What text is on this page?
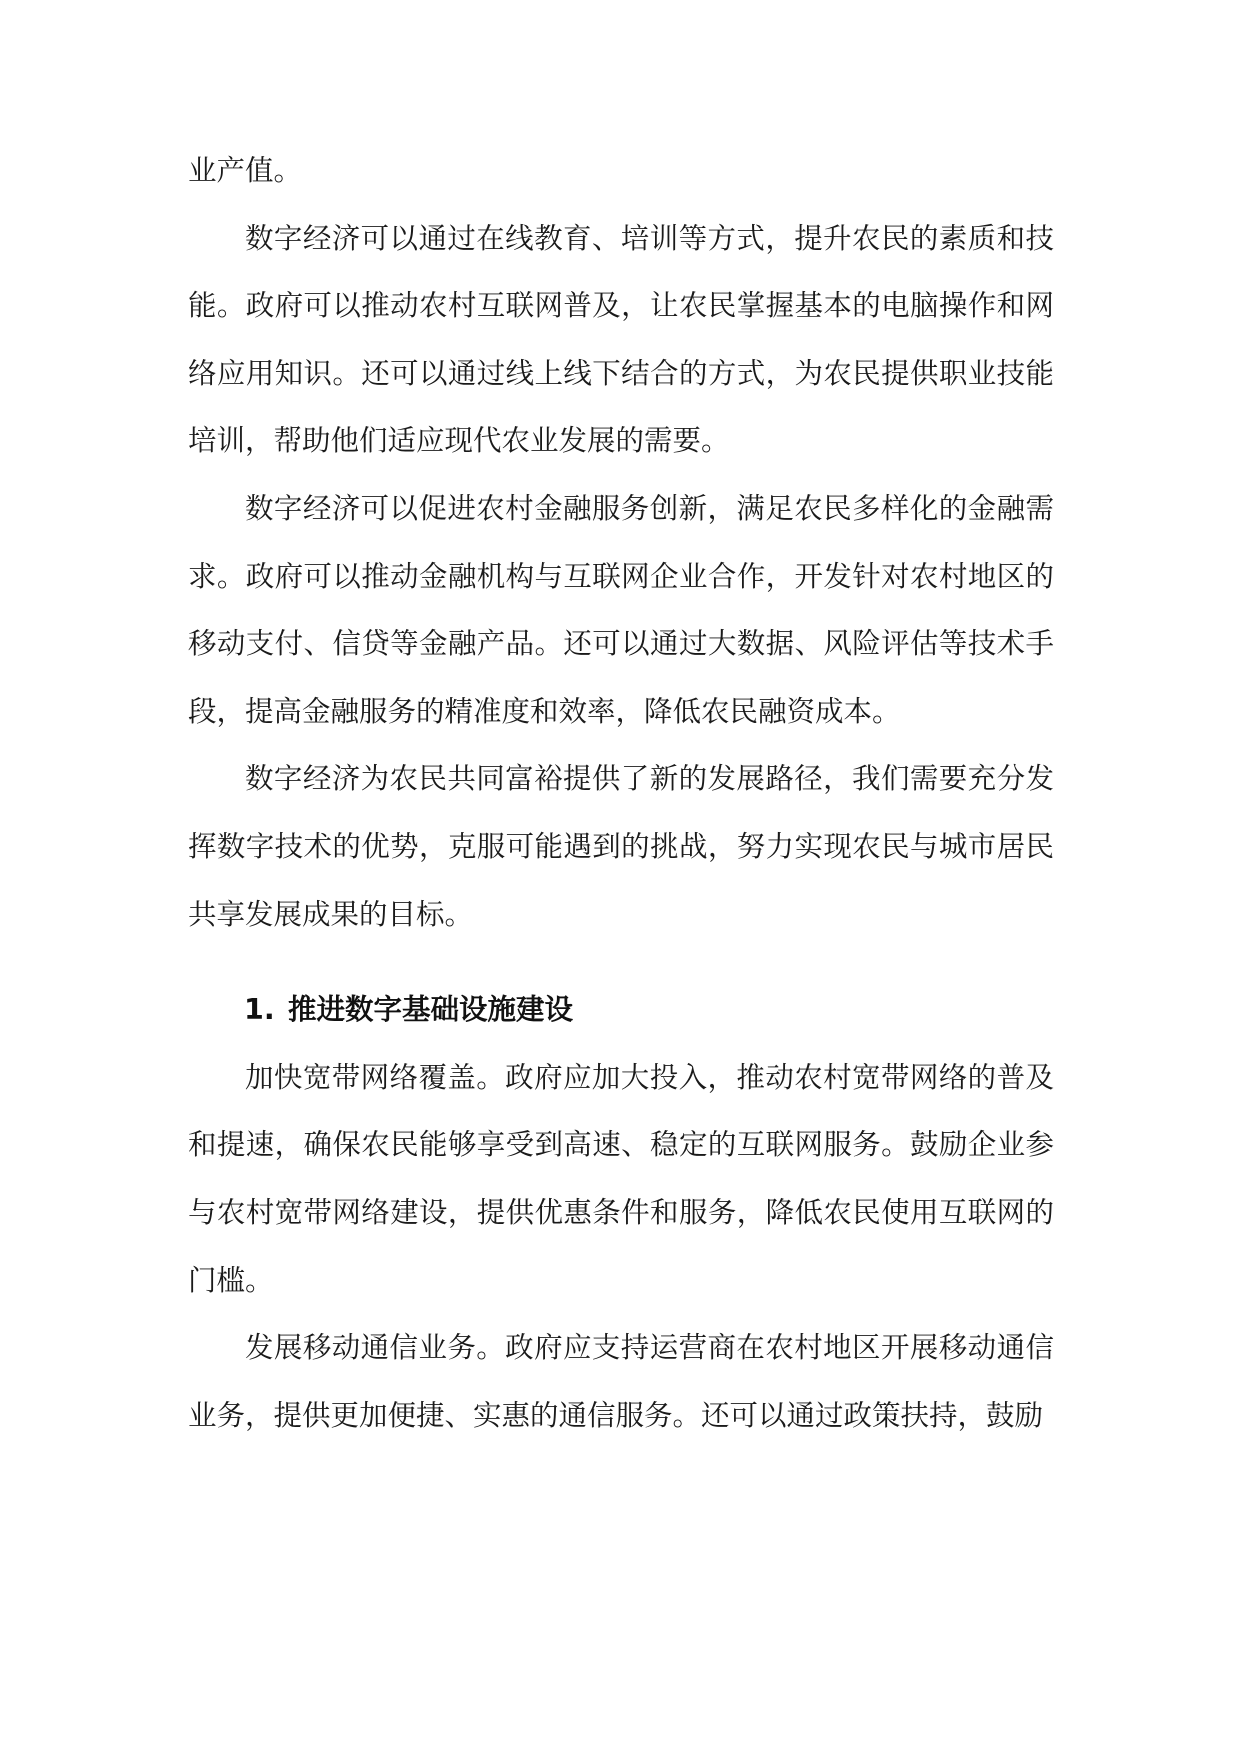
业产值。

数字经济可以通过在线教育、培训等方式，提升农民的素质和技能。政府可以推动农村互联网普及，让农民掌握基本的电脑操作和网络应用知识。还可以通过线上线下结合的方式，为农民提供职业技能培训，帮助他们适应现代农业发展的需要。

数字经济可以促进农村金融服务创新，满足农民多样化的金融需求。政府可以推动金融机构与互联网企业合作，开发针对农村地区的移动支付、信贷等金融产品。还可以通过大数据、风险评估等技术手段，提高金融服务的精准度和效率，降低农民融资成本。

数字经济为农民共同富裕提供了新的发展路径，我们需要充分发挥数字技术的优势，克服可能遇到的挑战，努力实现农民与城市居民共享发展成果的目标。

1. 推进数字基础设施建设

加快宽带网络覆盖。政府应加大投入，推动农村宽带网络的普及和提速，确保农民能够享受到高速、稳定的互联网服务。鼓励企业参与农村宽带网络建设，提供优惠条件和服务，降低农民使用互联网的门槛。

发展移动通信业务。政府应支持运营商在农村地区开展移动通信业务，提供更加便捷、实惠的通信服务。还可以通过政策扶持，鼓励
